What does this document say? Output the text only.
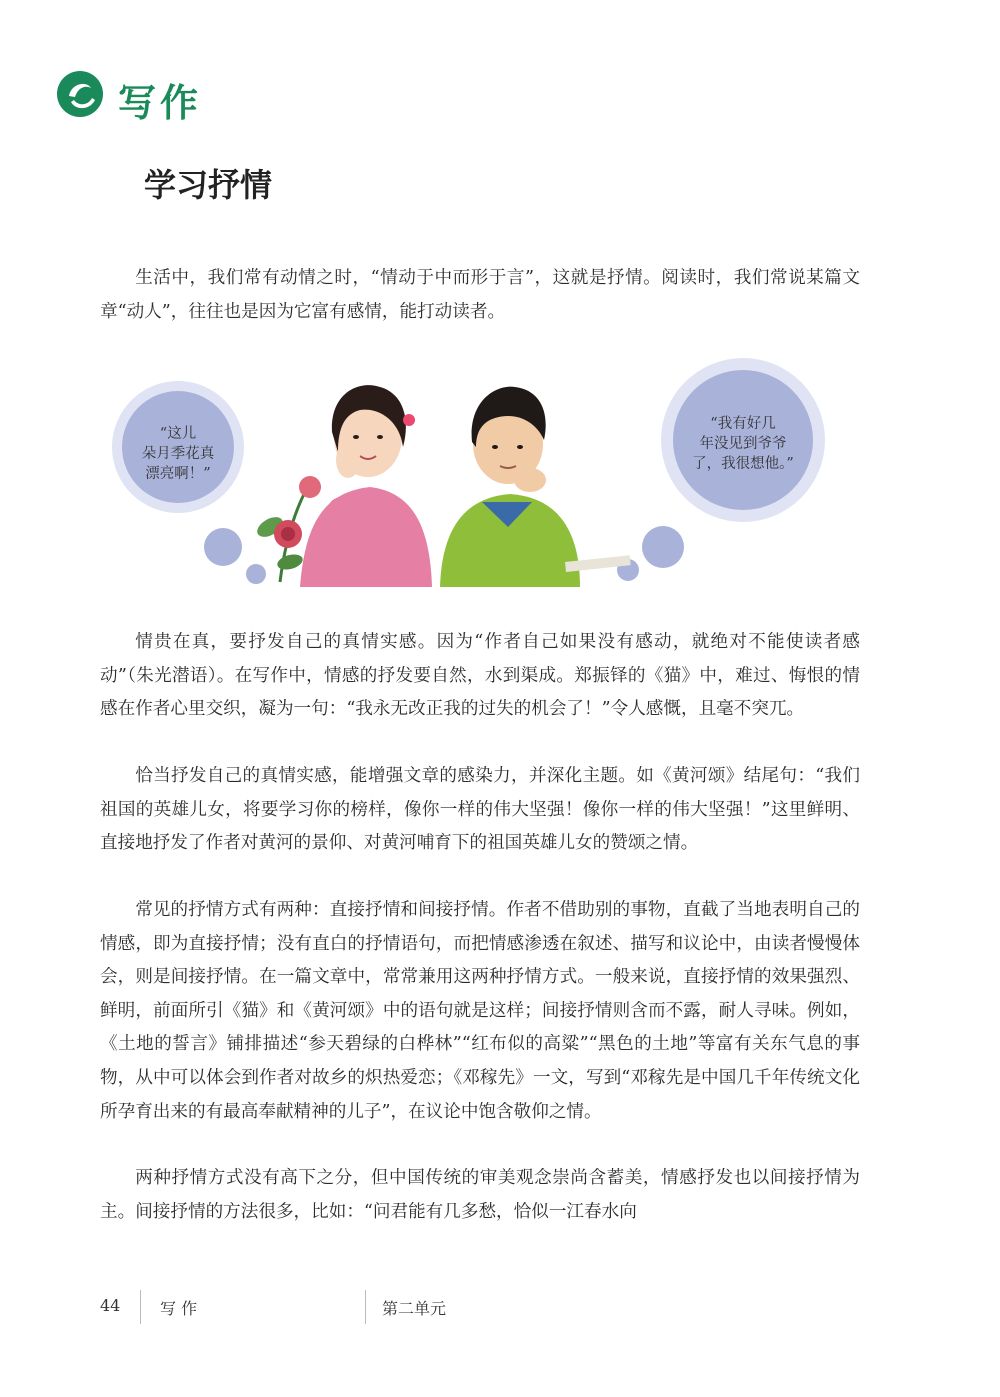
写作
学习抒情

生活中，我们常有动情之时，“情动于中而形于言”，这就是抒情。阅读时，我们常说某篇文章“动人”，往往也是因为它富有感情，能打动读者。

“这儿
朵月季花真
漂亮啊！”
“我有好几
年没见到爷爷
了，我很想他。”

情贵在真，要抒发自己的真情实感。因为“作者自己如果没有感动，就绝对不能使读者感动”（朱光潜语）。在写作中，情感的抒发要自然，水到渠成。郑振铎的《猫》中，难过、悔恨的情感在作者心里交织，凝为一句：“我永无改正我的过失的机会了！”令人感慨，且毫不突兀。

恰当抒发自己的真情实感，能增强文章的感染力，并深化主题。如《黄河颂》结尾句：“我们祖国的英雄儿女，将要学习你的榜样，像你一样的伟大坚强！像你一样的伟大坚强！”这里鲜明、直接地抒发了作者对黄河的景仰、对黄河哺育下的祖国英雄儿女的赞颂之情。

常见的抒情方式有两种：直接抒情和间接抒情。作者不借助别的事物，直截了当地表明自己的情感，即为直接抒情；没有直白的抒情语句，而把情感渗透在叙述、描写和议论中，由读者慢慢体会，则是间接抒情。在一篇文章中，常常兼用这两种抒情方式。一般来说，直接抒情的效果强烈、鲜明，前面所引《猫》和《黄河颂》中的语句就是这样；间接抒情则含而不露，耐人寻味。例如，《土地的誓言》铺排描述“参天碧绿的白桦林”“红布似的高粱”“黑色的土地”等富有关东气息的事物，从中可以体会到作者对故乡的炽热爱恋；《邓稼先》一文，写到“邓稼先是中国几千年传统文化所孕育出来的有最高奉献精神的儿子”，在议论中饱含敬仰之情。

两种抒情方式没有高下之分，但中国传统的审美观念崇尚含蓄美，情感抒发也以间接抒情为主。间接抒情的方法很多，比如：“问君能有几多愁，恰似一江春水向

44 写 作	第二单元
